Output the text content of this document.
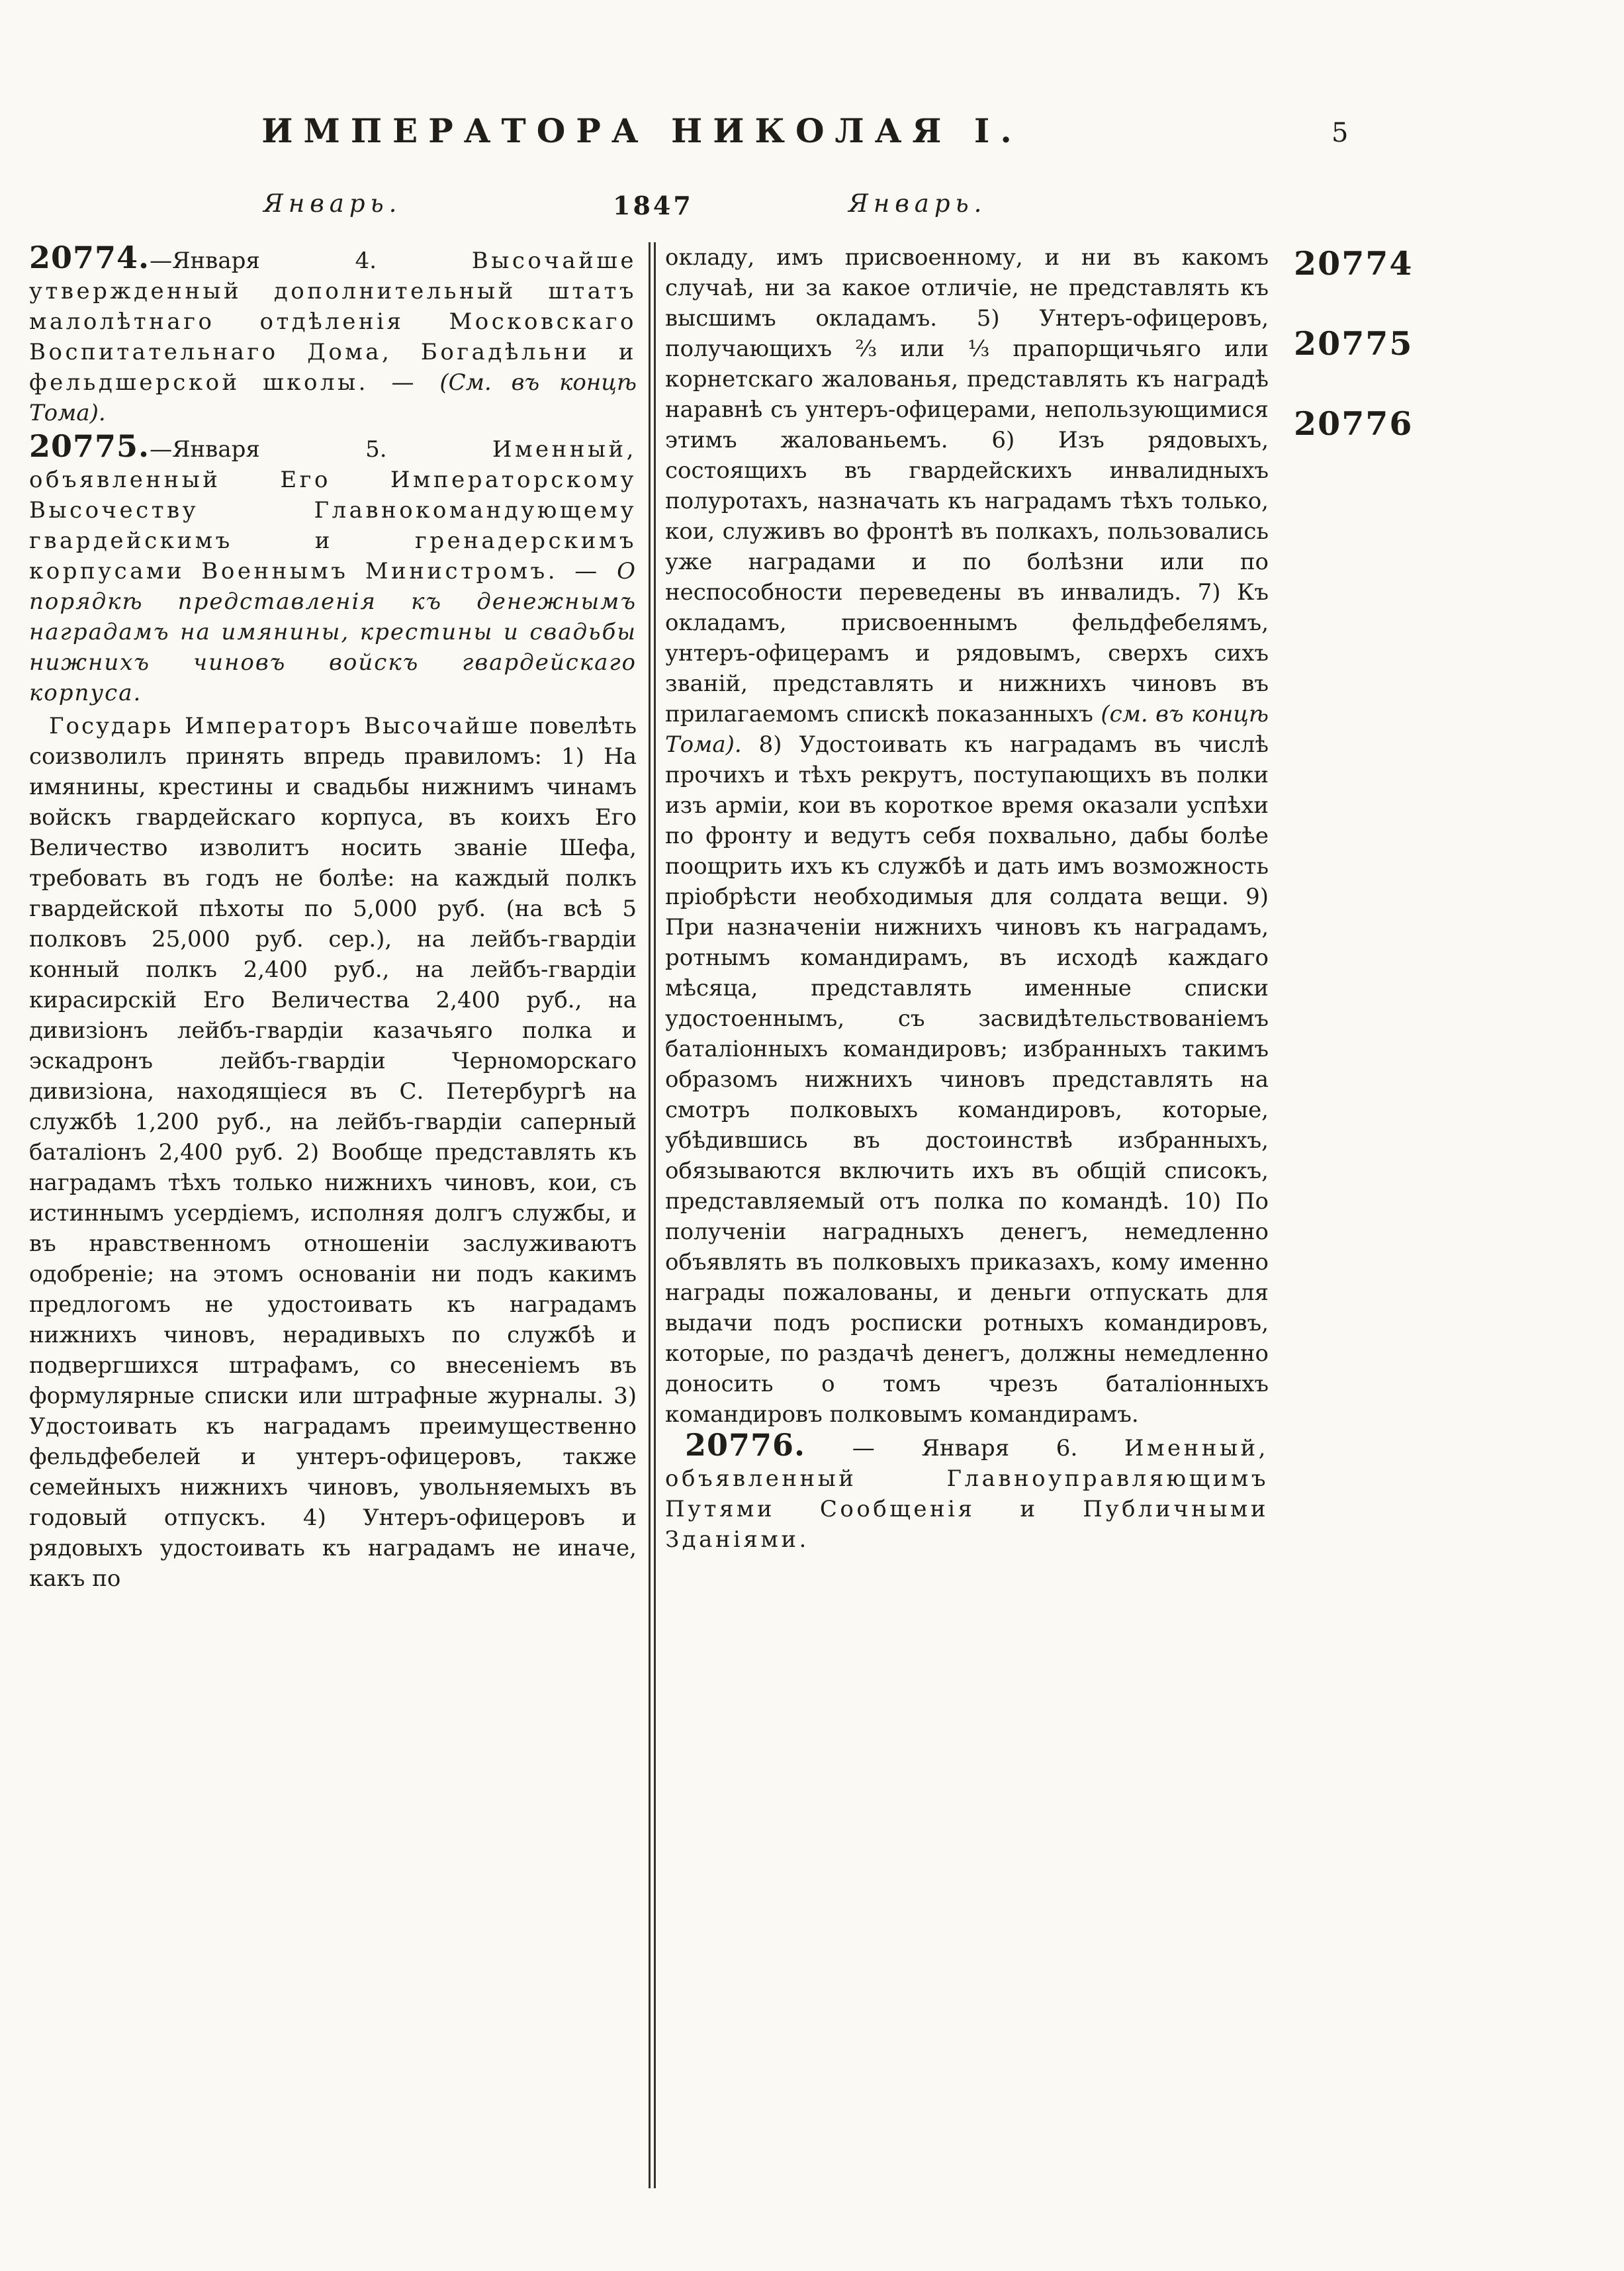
ИМПЕРАТОРА НИКОЛАЯ I.	5
Январь.	1847	Январь.

20774.—Января 4. Высочайше утвержденный дополнительный штатъ малолѣтнаго отдѣленія Московскаго Воспитательнаго Дома, Богадѣльни и фельдшерской школы. — (См. въ концѣ Тома).

20775.—Января 5. Именный, объявленный Его Императорскому Высочеству Главнокомандующему гвардейскимъ и гренадерскимъ корпусами Военнымъ Министромъ. — О порядкѣ представленія къ денежнымъ наградамъ на имянины, крестины и свадьбы нижнихъ чиновъ войскъ гвардейскаго корпуса.

Государь Императоръ Высочайше повелѣть соизволилъ принять впредь правиломъ: 1) На имянины, крестины и свадьбы нижнимъ чинамъ войскъ гвардейскаго корпуса, въ коихъ Его Величество изволитъ носить званіе Шефа, требовать въ годъ не болѣе: на каждый полкъ гвардейской пѣхоты по 5,000 руб. (на всѣ 5 полковъ 25,000 руб. сер.), на лейбъ-гвардіи конный полкъ 2,400 руб., на лейбъ-гвардіи кирасирскій Его Величества 2,400 руб., на дивизіонъ лейбъ-гвардіи казачьяго полка и эскадронъ лейбъ-гвардіи Черноморскаго дивизіона, находящіеся въ С. Петербургѣ на службѣ 1,200 руб., на лейбъ-гвардіи саперный баталіонъ 2,400 руб. 2) Вообще представлять къ наградамъ тѣхъ только нижнихъ чиновъ, кои, съ истиннымъ усердіемъ, исполняя долгъ службы, и въ нравственномъ отношеніи заслуживаютъ одобреніе; на этомъ основаніи ни подъ какимъ предлогомъ не удостоивать къ наградамъ нижнихъ чиновъ, нерадивыхъ по службѣ и подвергшихся штрафамъ, со внесеніемъ въ формулярные списки или штрафные журналы. 3) Удостоивать къ наградамъ преимущественно фельдфебелей и унтеръ-офицеровъ, также семейныхъ нижнихъ чиновъ, увольняемыхъ въ годовый отпускъ. 4) Унтеръ-офицеровъ и рядовыхъ удостоивать къ наградамъ не иначе, какъ по

окладу, имъ присвоенному, и ни въ какомъ случаѣ, ни за какое отличіе, не представлять къ высшимъ окладамъ. 5) Унтеръ-офицеровъ, получающихъ ⅔ или ⅓ прапорщичьяго или корнетскаго жалованья, представлять къ наградѣ наравнѣ съ унтеръ-офицерами, непользующимися этимъ жалованьемъ. 6) Изъ рядовыхъ, состоящихъ въ гвардейскихъ инвалидныхъ полуротахъ, назначать къ наградамъ тѣхъ только, кои, служивъ во фронтѣ въ полкахъ, пользовались уже наградами и по болѣзни или по неспособности переведены въ инвалидъ. 7) Къ окладамъ, присвоеннымъ фельдфебелямъ, унтеръ-офицерамъ и рядовымъ, сверхъ сихъ званій, представлять и нижнихъ чиновъ въ прилагаемомъ спискѣ показанныхъ (см. въ концѣ Тома). 8) Удостоивать къ наградамъ въ числѣ прочихъ и тѣхъ рекрутъ, поступающихъ въ полки изъ арміи, кои въ короткое время оказали успѣхи по фронту и ведутъ себя похвально, дабы болѣе поощрить ихъ къ службѣ и дать имъ возможность пріобрѣсти необходимыя для солдата вещи. 9) При назначеніи нижнихъ чиновъ къ наградамъ, ротнымъ командирамъ, въ исходѣ каждаго мѣсяца, представлять именные списки удостоеннымъ, съ засвидѣтельствованіемъ баталіонныхъ командировъ; избранныхъ такимъ образомъ нижнихъ чиновъ представлять на смотръ полковыхъ командировъ, которые, убѣдившись въ достоинствѣ избранныхъ, обязываются включить ихъ въ общій списокъ, представляемый отъ полка по командѣ. 10) По полученіи наградныхъ денегъ, немедленно объявлять въ полковыхъ приказахъ, кому именно награды пожалованы, и деньги отпускать для выдачи подъ росписки ротныхъ командировъ, которые, по раздачѣ денегъ, должны немедленно доносить о томъ чрезъ баталіонныхъ командировъ полковымъ командирамъ.

20776. — Января 6. Именный, объявленный Главноуправляющимъ Путями Сообщенія и Публичными Зданіями.

20774
20775
20776
